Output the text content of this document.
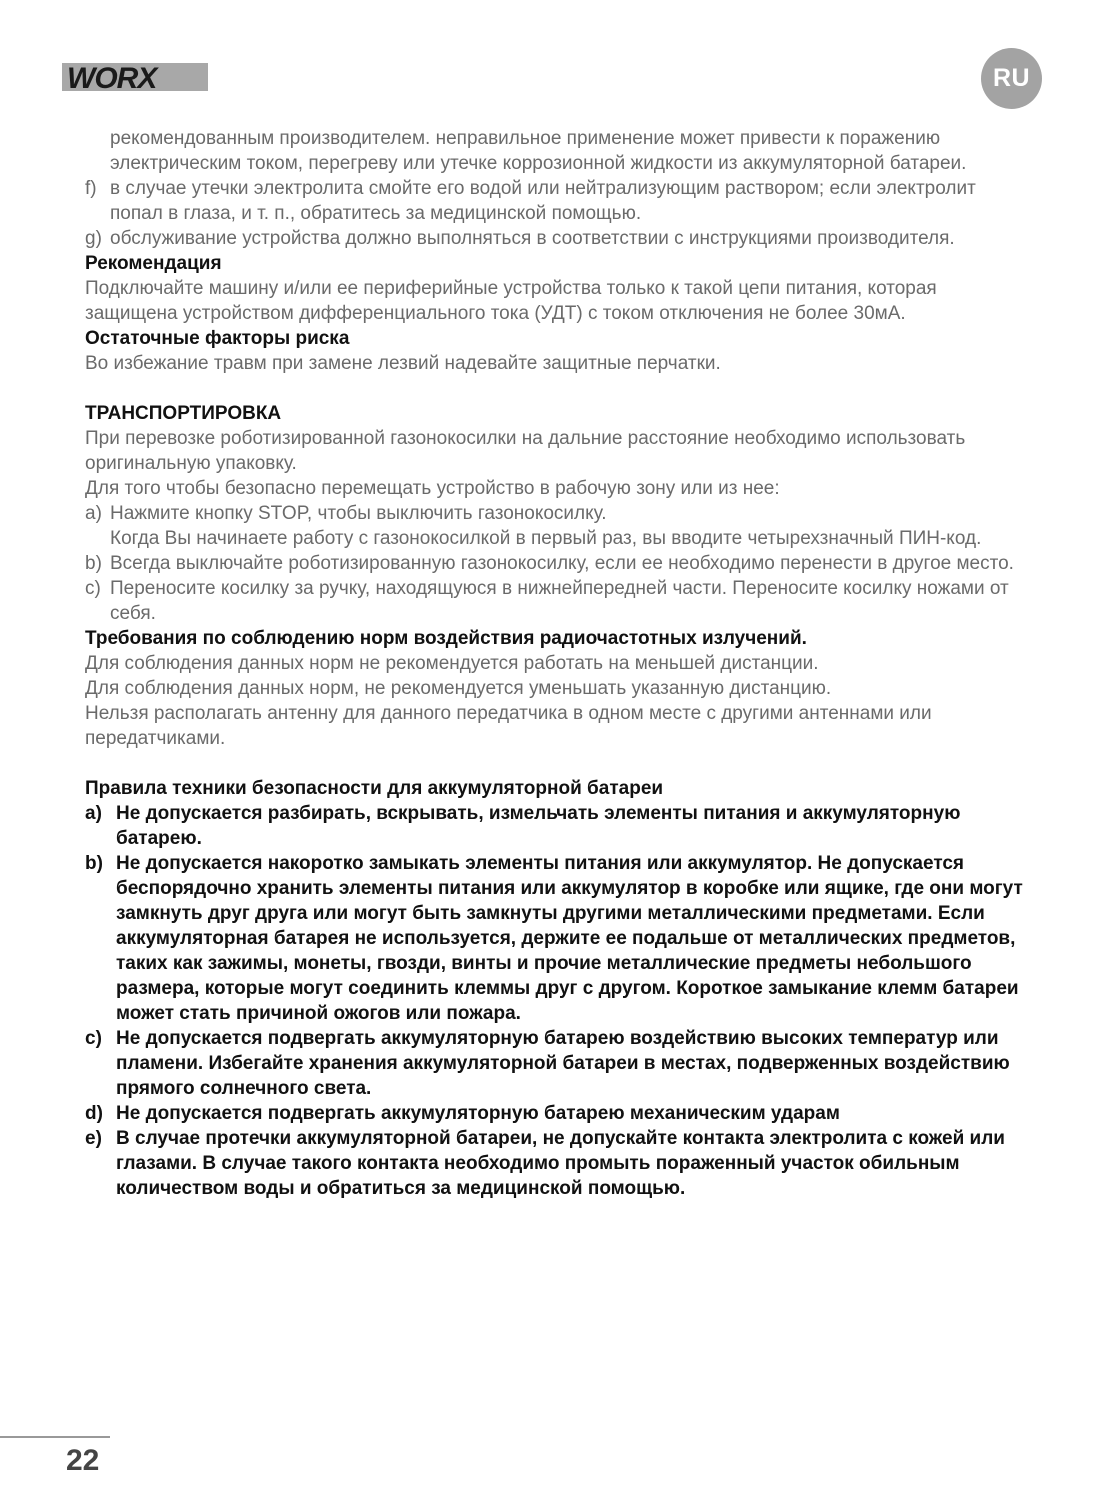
WORX	RU

рекомендованным производителем. неправильное применение может привести к поражению электрическим током, перегреву или утечке коррозионной жидкости из аккумуляторной батареи.

f) в случае утечки электролита смойте его водой или нейтрализующим раствором; если электролит попал в глаза, и т. п., обратитесь за медицинской помощью.
g) обслуживание устройства должно выполняться в соответствии с инструкциями производителя.

Рекомендация

Подключайте машину и/или ее периферийные устройства только к такой цепи питания, которая защищена устройством дифференциального тока (УДТ) с током отключения не более 30мА.

Остаточные факторы риска

Во избежание травм при замене лезвий надевайте защитные перчатки.

ТРАНСПОРТИРОВКА

При перевозке роботизированной газонокосилки на дальние расстояние необходимо использовать оригинальную упаковку.

Для того чтобы безопасно перемещать устройство в рабочую зону или из нее:

a) Нажмите кнопку STOP, чтобы выключить газонокосилку.
Когда Вы начинаете работу с газонокосилкой в первый раз, вы вводите четырехзначный ПИН-код.
b) Всегда выключайте роботизированную газонокосилку, если ее необходимо перенести в другое место.
c) Переносите косилку за ручку, находящуюся в нижнейпередней части. Переносите косилку ножами от себя.

Требования по соблюдению норм воздействия радиочастотных излучений.

Для соблюдения данных норм не рекомендуется работать на меньшей дистанции.

Для соблюдения данных норм, не рекомендуется уменьшать указанную дистанцию.

Нельзя располагать антенну для данного передатчика в одном месте с другими антеннами или передатчиками.

Правила техники безопасности для аккумуляторной батареи

a) Не допускается разбирать, вскрывать, измельчать элементы питания и аккумуляторную батарею.
b) Не допускается накоротко замыкать элементы питания или аккумулятор. Не допускается беспорядочно хранить элементы питания или аккумулятор в коробке или ящике, где они могут замкнуть друг друга или могут быть замкнуты другими металлическими предметами. Если аккумуляторная батарея не используется, держите ее подальше от металлических предметов, таких как зажимы, монеты, гвозди, винты и прочие металлические предметы небольшого размера, которые могут соединить клеммы друг с другом. Короткое замыкание клемм батареи может стать причиной ожогов или пожара.
c) Не допускается подвергать аккумуляторную батарею воздействию высоких температур или пламени. Избегайте хранения аккумуляторной батареи в местах, подверженных воздействию прямого солнечного света.
d) Не допускается подвергать аккумуляторную батарею механическим ударам
e) В случае протечки аккумуляторной батареи, не допускайте контакта электролита с кожей или глазами. В случае такого контакта необходимо промыть пораженный участок обильным количеством воды и обратиться за медицинской помощью.
22
